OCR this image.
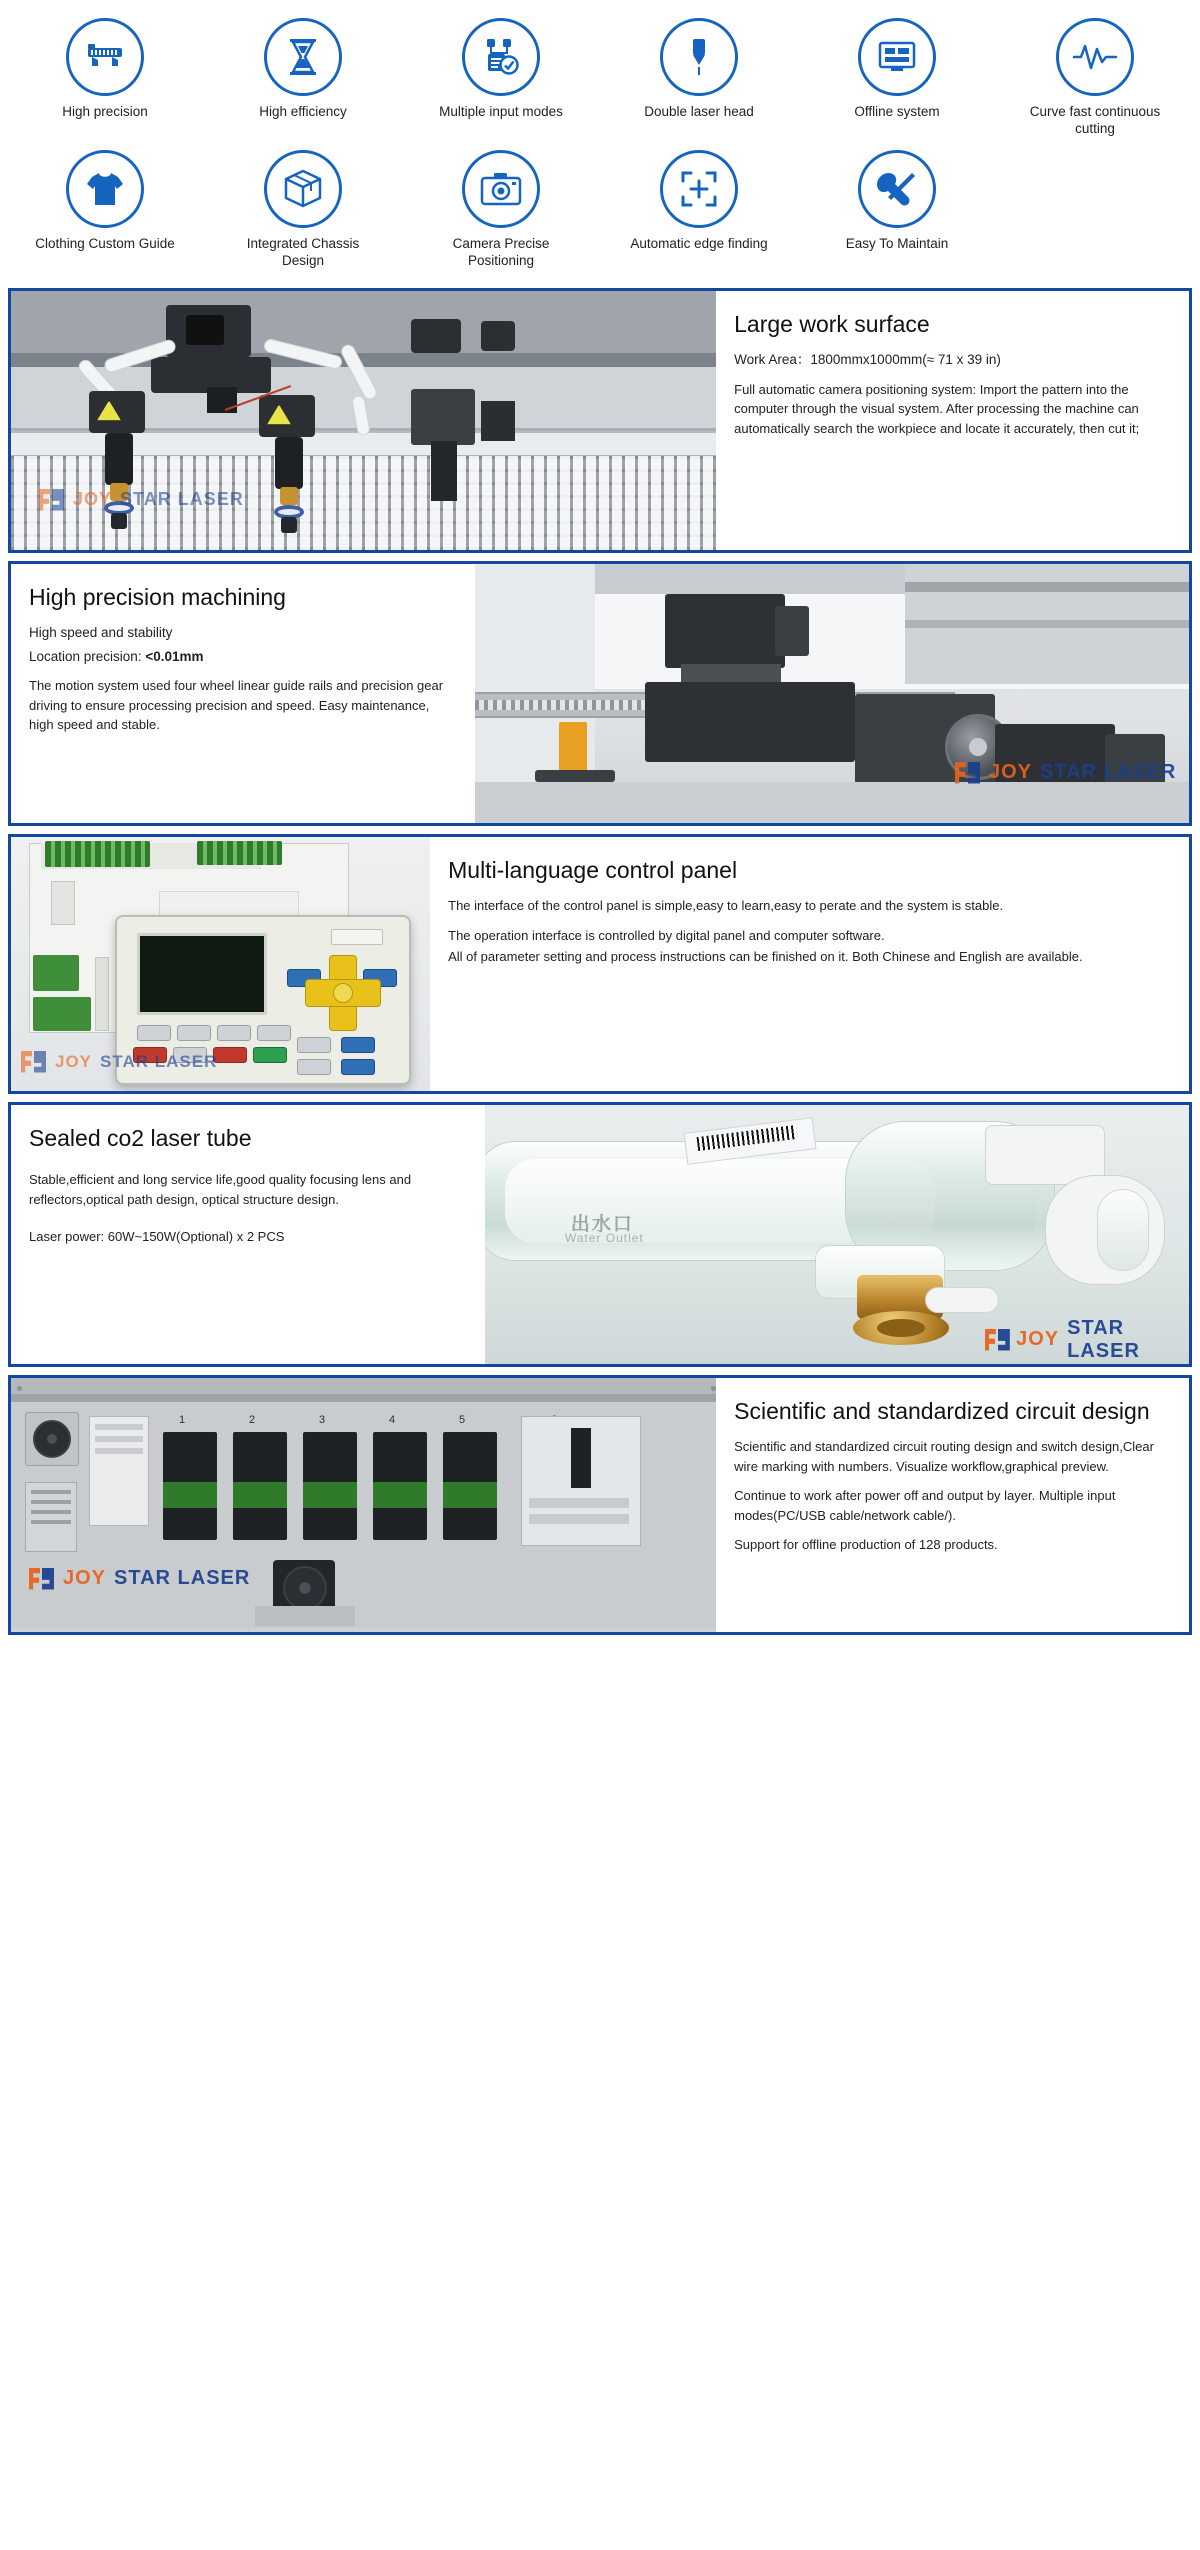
High precision	High efficiency	Multiple input modes	Double laser head	Offline system	Curve fast continuous cutting
Clothing Custom Guide	Integrated Chassis Design
Camera Precise Positioning
Automatic edge finding	Easy To Maintain
JOY STAR LASER
Large work surface
Work Area：1800mmx1000mm(≈ 71 x 39 in)
Full automatic camera positioning system: Import the pattern into the computer through the visual system. After processing the machine can automatically search the workpiece and locate it accurately, then cut it;
High precision machining
High speed and stability
Location precision: <0.01mm
The motion system used four wheel linear guide rails and precision gear driving to ensure processing precision and speed. Easy maintenance, high speed and stable.
JOY STAR LASER
JOY STAR LASER
Multi-language control panel
The interface of the control panel is simple,easy to learn,easy to perate and the system is stable.
The operation interface is controlled by digital panel and computer software.
All of parameter setting and process instructions can be finished on it. Both Chinese and English are available.
Sealed co2 laser tube
Stable,efficient and long service life,good quality focusing lens and reflectors,optical path design, optical structure design.
Laser power: 60W~150W(Optional) x 2 PCS
出水口
Water Outlet
JOY
STAR LASER
1	2	3	4	5
JOY STAR LASER
Scientific and standardized circuit design
Scientific and standardized circuit routing design and switch design,Clear wire marking with numbers. Visualize workflow,graphical preview.
Continue to work after power off and output by layer. Multiple input modes(PC/USB cable/network cable/).
Support for offline production of 128 products.
